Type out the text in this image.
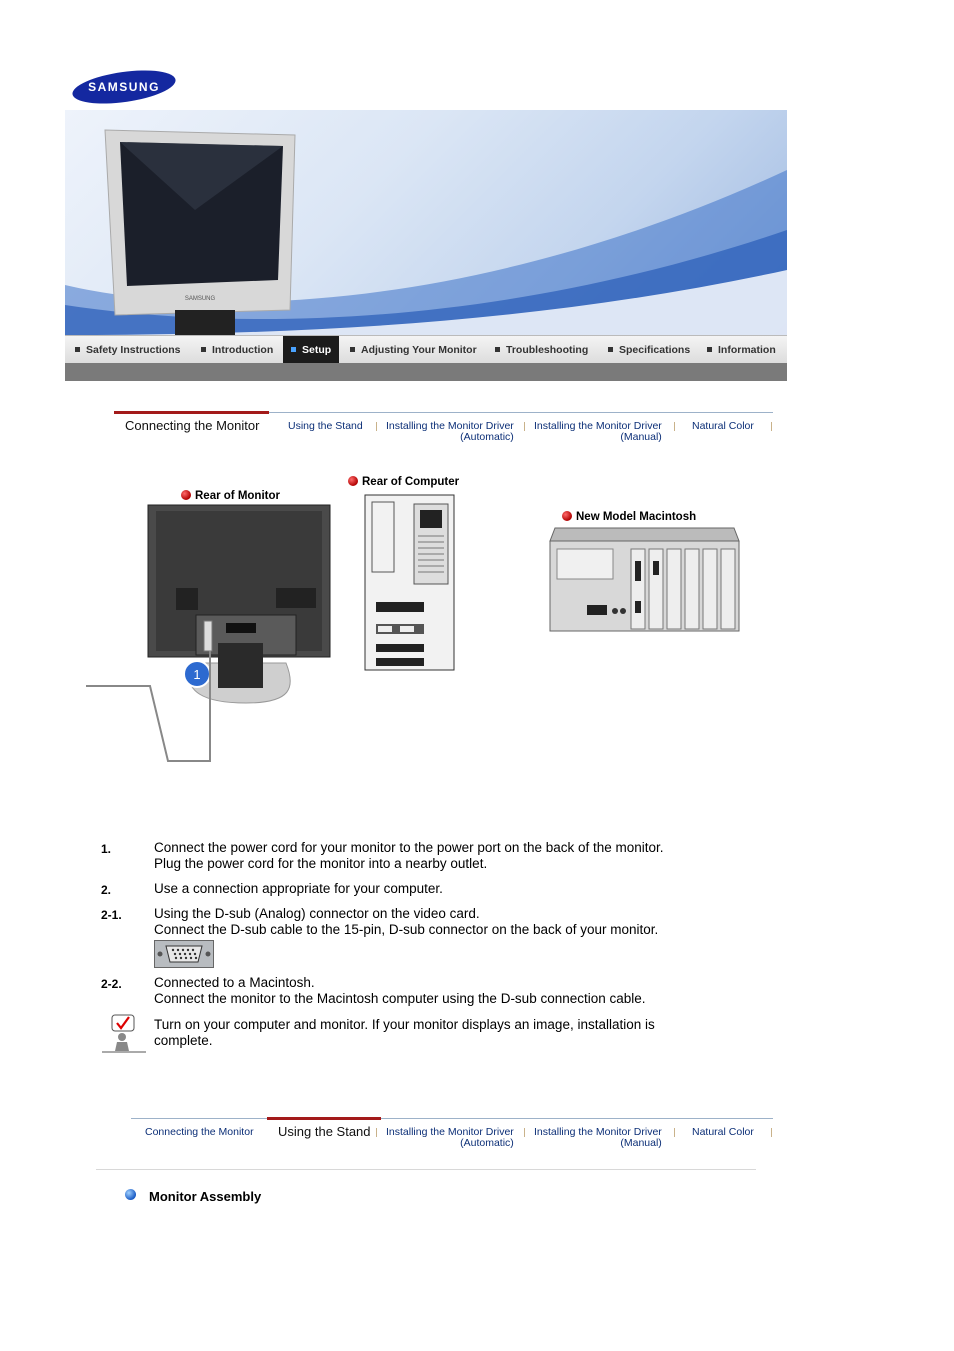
SAMSUNG
SAMSUNG
Safety Instructions	Introduction	Setup	Adjusting Your Monitor	Troubleshooting	Specifications	Information
Connecting the Monitor	Using the Stand Installing the Monitor Driver
(Automatic)
Installing the Monitor Driver
(Manual)
Natural Color
Rear of Monitor
1
Rear of Computer
New Model Macintosh
1.	Connect the power cord for your monitor to the power port on the back of the monitor.
Plug the power cord for the monitor into a nearby outlet.
2.	Use a connection appropriate for your computer.
2-1. Using the D-sub (Analog) connector on the video card.
Connect the D-sub cable to the 15-pin, D-sub connector on the back of your monitor.
2-2. Connected to a Macintosh.
Connect the monitor to the Macintosh computer using the D-sub connection cable.
Turn on your computer and monitor. If your monitor displays an image, installation is
complete.
Connecting the Monitor	Using the Stand	Installing the Monitor Driver
(Automatic)
Installing the Monitor Driver
(Manual)
Natural Color
Monitor Assembly
